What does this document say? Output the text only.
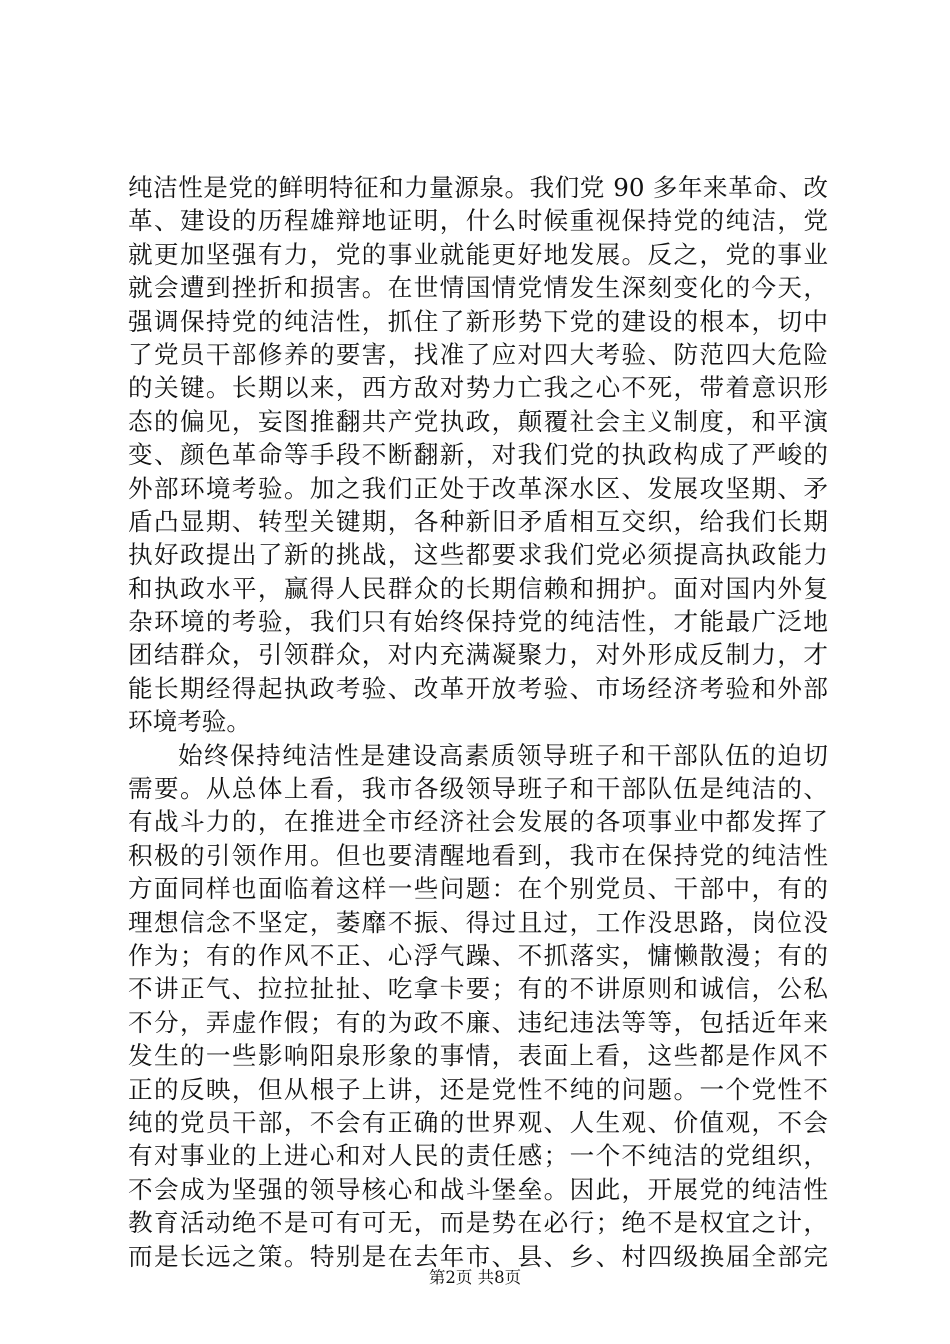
纯洁性是党的鲜明特征和力量源泉。我们党 90 多年来革命、改
革、建设的历程雄辩地证明，什么时候重视保持党的纯洁，党
就更加坚强有力，党的事业就能更好地发展。反之，党的事业
就会遭到挫折和损害。在世情国情党情发生深刻变化的今天，
强调保持党的纯洁性，抓住了新形势下党的建设的根本，切中
了党员干部修养的要害，找准了应对四大考验、防范四大危险
的关键。长期以来，西方敌对势力亡我之心不死，带着意识形
态的偏见，妄图推翻共产党执政，颠覆社会主义制度，和平演
变、颜色革命等手段不断翻新，对我们党的执政构成了严峻的
外部环境考验。加之我们正处于改革深水区、发展攻坚期、矛
盾凸显期、转型关键期，各种新旧矛盾相互交织，给我们长期
执好政提出了新的挑战，这些都要求我们党必须提高执政能力
和执政水平，赢得人民群众的长期信赖和拥护。面对国内外复
杂环境的考验，我们只有始终保持党的纯洁性，才能最广泛地
团结群众，引领群众，对内充满凝聚力，对外形成反制力，才
能长期经得起执政考验、改革开放考验、市场经济考验和外部
环境考验。
始终保持纯洁性是建设高素质领导班子和干部队伍的迫切
需要。从总体上看，我市各级领导班子和干部队伍是纯洁的、
有战斗力的，在推进全市经济社会发展的各项事业中都发挥了
积极的引领作用。但也要清醒地看到，我市在保持党的纯洁性
方面同样也面临着这样一些问题：在个别党员、干部中，有的
理想信念不坚定，萎靡不振、得过且过，工作没思路，岗位没
作为；有的作风不正、心浮气躁、不抓落实，慵懒散漫；有的
不讲正气、拉拉扯扯、吃拿卡要；有的不讲原则和诚信，公私
不分，弄虚作假；有的为政不廉、违纪违法等等，包括近年来
发生的一些影响阳泉形象的事情，表面上看，这些都是作风不
正的反映，但从根子上讲，还是党性不纯的问题。一个党性不
纯的党员干部，不会有正确的世界观、人生观、价值观，不会
有对事业的上进心和对人民的责任感；一个不纯洁的党组织，
不会成为坚强的领导核心和战斗堡垒。因此，开展党的纯洁性
教育活动绝不是可有可无，而是势在必行；绝不是权宜之计，
而是长远之策。特别是在去年市、县、乡、村四级换届全部完
第2页 共8页
